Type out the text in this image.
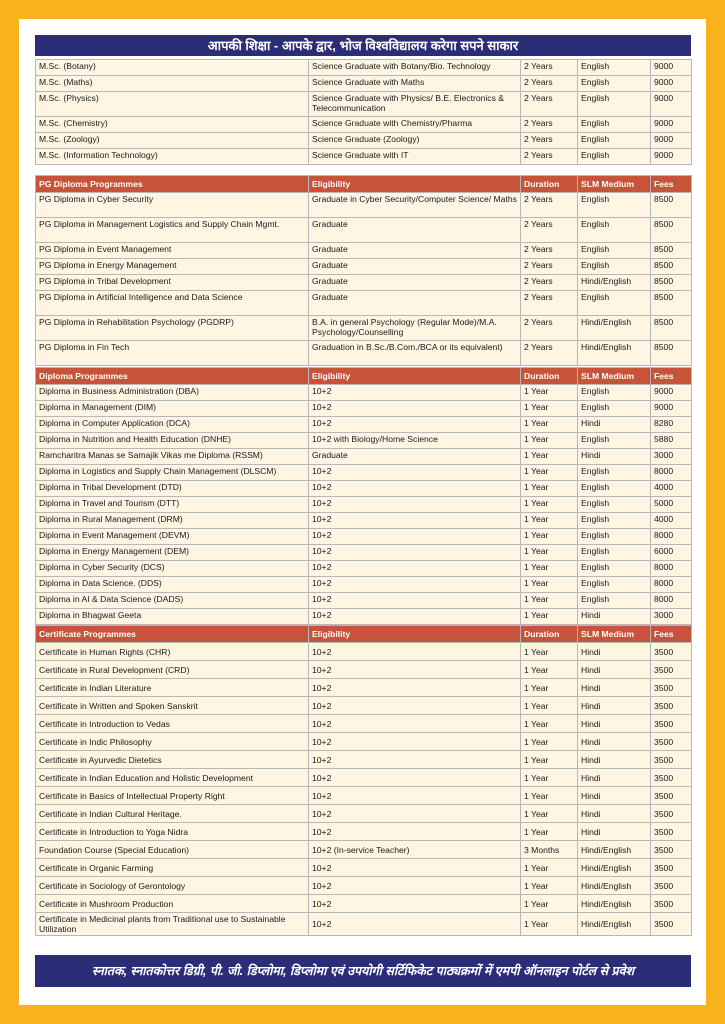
आपकी शिक्षा - आपके द्वार, भोज विश्वविद्यालय करेगा सपने साकार
M.Sc. (Botany)	Science Graduate with Botany/Bio. Technology	2 Years	English	9000
M.Sc. (Maths)	Science Graduate with Maths	2 Years	English	9000
M.Sc. (Physics)	Science Graduate with Physics/ B.E. Electronics & Telecommunication	2 Years	English	9000
M.Sc. (Chemistry)	Science Graduate with Chemistry/Pharma	2 Years	English	9000
M.Sc. (Zoology)	Science Graduate (Zoology)	2 Years	English	9000
M.Sc. (Information Technology)	Science Graduate with IT	2 Years	English	9000
PG Diploma Programmes	Eligibility	Duration	SLM Medium	Fees
PG Diploma in Cyber Security	Graduate in Cyber Security/Computer Science/ Maths	2 Years	English	8500
PG Diploma in Management Logistics and Supply Chain Mgmt.	Graduate	2 Years	English	8500
PG Diploma in Event Management	Graduate	2 Years	English	8500
PG Diploma in Energy Management	Graduate	2 Years	English	8500
PG Diploma in Tribal Development	Graduate	2 Years	Hindi/English	8500
PG Diploma in Artificial Intelligence and Data Science	Graduate	2 Years	English	8500
PG Diploma in Rehabilitation Psychology (PGDRP)	B.A. in general Psychology (Regular Mode)/M.A. Psychology/Counselling	2 Years	Hindi/English	8500
PG Diploma in Fin Tech	Graduation in B.Sc./B.Com./BCA or its equivalent)	2 Years	Hindi/English	8500
Diploma Programmes	Eligibility	Duration	SLM Medium	Fees
Diploma in Business Administration (DBA)	10+2	1 Year	English	9000
Diploma in Management (DIM)	10+2	1 Year	English	9000
Diploma in Computer Application (DCA)	10+2	1 Year	Hindi	8280
Diploma in Nutrition and Health Education (DNHE)	10+2 with Biology/Home Science	1 Year	English	5880
Ramcharitra Manas se Samajik Vikas me Diploma (RSSM)	Graduate	1 Year	Hindi	3000
Diploma in Logistics and Supply Chain Management (DLSCM)	10+2	1 Year	English	8000
Diploma in Tribal Development (DTD)	10+2	1 Year	English	4000
Diploma in Travel and Tourism (DTT)	10+2	1 Year	English	5000
Diploma in Rural Management (DRM)	10+2	1 Year	English	4000
Diploma in Event Management (DEVM)	10+2	1 Year	English	8000
Diploma in Energy Management (DEM)	10+2	1 Year	English	6000
Diploma in Cyber Security (DCS)	10+2	1 Year	English	8000
Diploma in Data Science. (DDS)	10+2	1 Year	English	8000
Diploma in AI & Data Science (DADS)	10+2	1 Year	English	8000
Diploma in Bhagwat Geeta	10+2	1 Year	Hindi	3000
Certificate Programmes	Eligibility	Duration	SLM Medium	Fees
Certificate in Human Rights (CHR)	10+2	1 Year	Hindi	3500
Certificate in Rural Development (CRD)	10+2	1 Year	Hindi	3500
Certificate in Indian Literature	10+2	1 Year	Hindi	3500
Certificate in Written and Spoken Sanskrit	10+2	1 Year	Hindi	3500
Certificate in Introduction to Vedas	10+2	1 Year	Hindi	3500
Certificate in Indic Philosophy	10+2	1 Year	Hindi	3500
Certificate in Ayurvedic Dietetics	10+2	1 Year	Hindi	3500
Certificate in Indian Education and Holistic Development	10+2	1 Year	Hindi	3500
Certificate in Basics of Intellectual Property Right	10+2	1 Year	Hindi	3500
Certificate in Indian Cultural Heritage.	10+2	1 Year	Hindi	3500
Certificate in Introduction to Yoga Nidra	10+2	1 Year	Hindi	3500
Foundation Course (Special Education)	10+2 (In-service Teacher)	3 Months	Hindi/English	3500
Certificate in Organic Farming	10+2	1 Year	Hindi/English	3500
Certificate in Sociology of Gerontology	10+2	1 Year	Hindi/English	3500
Certificate in Mushroom Production	10+2	1 Year	Hindi/English	3500
Certificate in Medicinal plants from Traditional use to Sustainable Utilization	10+2	1 Year	Hindi/English	3500
स्नातक, स्नातकोत्तर डिग्री, पी. जी. डिप्लोमा, डिप्लोमा एवं उपयोगी सर्टिफिकेट पाठ्यक्रमों में एमपी ऑनलाइन पोर्टल से प्रवेश
